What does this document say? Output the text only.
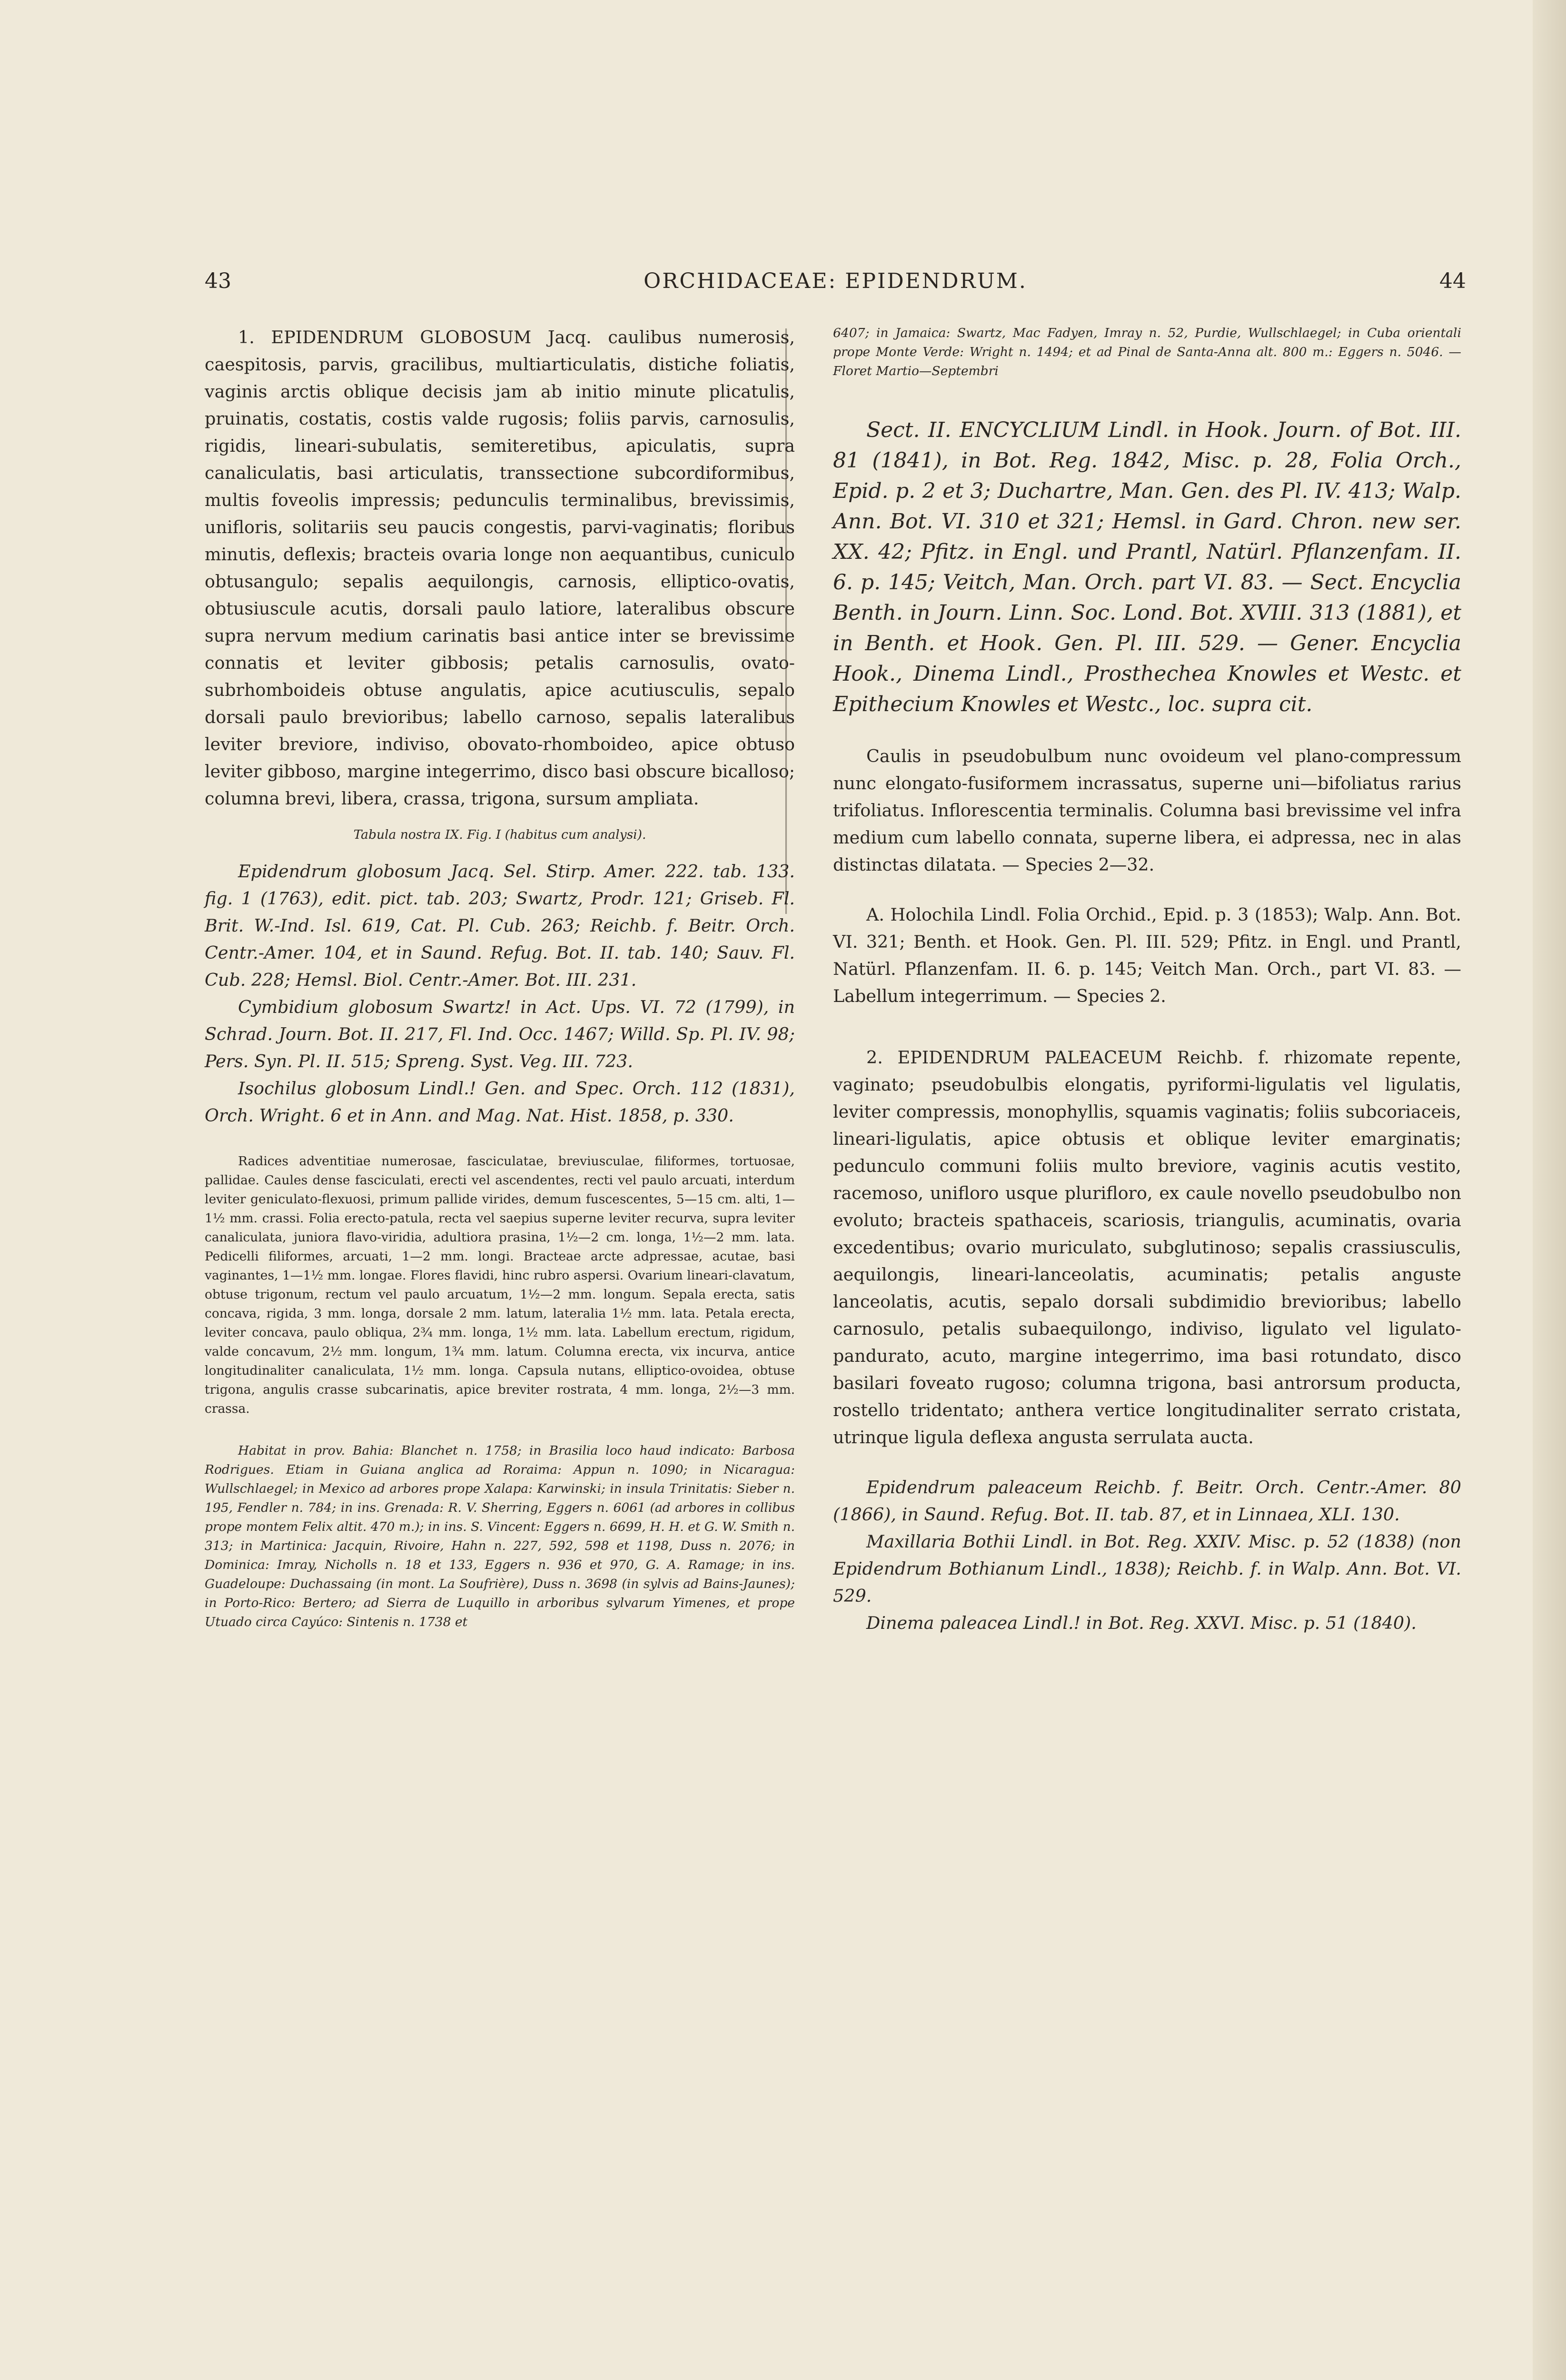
43	ORCHIDACEAE: EPIDENDRUM.	44

1. EPIDENDRUM GLOBOSUM Jacq. caulibus numerosis, caespitosis, parvis, gracilibus, multiarticulatis, distiche foliatis, vaginis arctis oblique decisis jam ab initio minute plicatulis, pruinatis, costatis, costis valde rugosis; foliis parvis, carnosulis, rigidis, lineari-subulatis, semiteretibus, apiculatis, supra canaliculatis, basi articulatis, transsectione subcordiformibus, multis foveolis impressis; pedunculis terminalibus, brevissimis, unifloris, solitariis seu paucis congestis, parvi-vaginatis; floribus minutis, deflexis; bracteis ovaria longe non aequantibus, cuniculo obtusangulo; sepalis aequilongis, carnosis, elliptico-ovatis, obtusiuscule acutis, dorsali paulo latiore, lateralibus obscure supra nervum medium carinatis basi antice inter se brevissime connatis et leviter gibbosis; petalis carnosulis, ovato-subrhomboideis obtuse angulatis, apice acutiusculis, sepalo dorsali paulo brevioribus; labello carnoso, sepalis lateralibus leviter breviore, indiviso, obovato-rhomboideo, apice obtuso leviter gibboso, margine integerrimo, disco basi obscure bicalloso; columna brevi, libera, crassa, trigona, sursum ampliata.

Tabula nostra IX. Fig. I (habitus cum analysi).

Epidendrum globosum Jacq. Sel. Stirp. Amer. 222. tab. 133. fig. 1 (1763), edit. pict. tab. 203; Swartz, Prodr. 121; Griseb. Fl. Brit. W.-Ind. Isl. 619, Cat. Pl. Cub. 263; Reichb. f. Beitr. Orch. Centr.-Amer. 104, et in Saund. Refug. Bot. II. tab. 140; Sauv. Fl. Cub. 228; Hemsl. Biol. Centr.-Amer. Bot. III. 231.

Cymbidium globosum Swartz! in Act. Ups. VI. 72 (1799), in Schrad. Journ. Bot. II. 217, Fl. Ind. Occ. 1467; Willd. Sp. Pl. IV. 98; Pers. Syn. Pl. II. 515; Spreng. Syst. Veg. III. 723.

Isochilus globosum Lindl.! Gen. and Spec. Orch. 112 (1831), Orch. Wright. 6 et in Ann. and Mag. Nat. Hist. 1858, p. 330.

Radices adventitiae numerosae, fasciculatae, breviusculae, filiformes, tortuosae, pallidae. Caules dense fasciculati, erecti vel ascendentes, recti vel paulo arcuati, interdum leviter geniculato-flexuosi, primum pallide virides, demum fuscescentes, 5—15 cm. alti, 1—1½ mm. crassi. Folia erecto-patula, recta vel saepius superne leviter recurva, supra leviter canaliculata, juniora flavo-viridia, adultiora prasina, 1½—2 cm. longa, 1½—2 mm. lata. Pedicelli filiformes, arcuati, 1—2 mm. longi. Bracteae arcte adpressae, acutae, basi vaginantes, 1—1½ mm. longae. Flores flavidi, hinc rubro aspersi. Ovarium lineari-clavatum, obtuse trigonum, rectum vel paulo arcuatum, 1½—2 mm. longum. Sepala erecta, satis concava, rigida, 3 mm. longa, dorsale 2 mm. latum, lateralia 1½ mm. lata. Petala erecta, leviter concava, paulo obliqua, 2¾ mm. longa, 1½ mm. lata. Labellum erectum, rigidum, valde concavum, 2½ mm. longum, 1¾ mm. latum. Columna erecta, vix incurva, antice longitudinaliter canaliculata, 1½ mm. longa. Capsula nutans, elliptico-ovoidea, obtuse trigona, angulis crasse subcarinatis, apice breviter rostrata, 4 mm. longa, 2½—3 mm. crassa.

Habitat in prov. Bahia: Blanchet n. 1758; in Brasilia loco haud indicato: Barbosa Rodrigues. Etiam in Guiana anglica ad Roraima: Appun n. 1090; in Nicaragua: Wullschlaegel; in Mexico ad arbores prope Xalapa: Karwinski; in insula Trinitatis: Sieber n. 195, Fendler n. 784; in ins. Grenada: R. V. Sherring, Eggers n. 6061 (ad arbores in collibus prope montem Felix altit. 470 m.); in ins. S. Vincent: Eggers n. 6699, H. H. et G. W. Smith n. 313; in Martinica: Jacquin, Rivoire, Hahn n. 227, 592, 598 et 1198, Duss n. 2076; in Dominica: Imray, Nicholls n. 18 et 133, Eggers n. 936 et 970, G. A. Ramage; in ins. Guadeloupe: Duchassaing (in mont. La Soufrière), Duss n. 3698 (in sylvis ad Bains-Jaunes); in Porto-Rico: Bertero; ad Sierra de Luquillo in arboribus sylvarum Yimenes, et prope Utuado circa Cayúco: Sintenis n. 1738 et

6407; in Jamaica: Swartz, Mac Fadyen, Imray n. 52, Purdie, Wullschlaegel; in Cuba orientali prope Monte Verde: Wright n. 1494; et ad Pinal de Santa-Anna alt. 800 m.: Eggers n. 5046. — Floret Martio—Septembri

Sect. II. ENCYCLIUM Lindl. in Hook. Journ. of Bot. III. 81 (1841), in Bot. Reg. 1842, Misc. p. 28, Folia Orch., Epid. p. 2 et 3; Duchartre, Man. Gen. des Pl. IV. 413; Walp. Ann. Bot. VI. 310 et 321; Hemsl. in Gard. Chron. new ser. XX. 42; Pfitz. in Engl. und Prantl, Natürl. Pflanzenfam. II. 6. p. 145; Veitch, Man. Orch. part VI. 83. — Sect. Encyclia Benth. in Journ. Linn. Soc. Lond. Bot. XVIII. 313 (1881), et in Benth. et Hook. Gen. Pl. III. 529. — Gener. Encyclia Hook., Dinema Lindl., Prosthechea Knowles et Westc. et Epithecium Knowles et Westc., loc. supra cit.

Caulis in pseudobulbum nunc ovoideum vel plano-compressum nunc elongato-fusiformem incrassatus, superne uni—bifoliatus rarius trifoliatus. Inflorescentia terminalis. Columna basi brevissime vel infra medium cum labello connata, superne libera, ei adpressa, nec in alas distinctas dilatata. — Species 2—32.

A. Holochila Lindl. Folia Orchid., Epid. p. 3 (1853); Walp. Ann. Bot. VI. 321; Benth. et Hook. Gen. Pl. III. 529; Pfitz. in Engl. und Prantl, Natürl. Pflanzenfam. II. 6. p. 145; Veitch Man. Orch., part VI. 83. — Labellum integerrimum. — Species 2.

2. EPIDENDRUM PALEACEUM Reichb. f. rhizomate repente, vaginato; pseudobulbis elongatis, pyriformi-ligulatis vel ligulatis, leviter compressis, monophyllis, squamis vaginatis; foliis subcoriaceis, lineari-ligulatis, apice obtusis et oblique leviter emarginatis; pedunculo communi foliis multo breviore, vaginis acutis vestito, racemoso, unifloro usque plurifloro, ex caule novello pseudobulbo non evoluto; bracteis spathaceis, scariosis, triangulis, acuminatis, ovaria excedentibus; ovario muriculato, subglutinoso; sepalis crassiusculis, aequilongis, lineari-lanceolatis, acuminatis; petalis anguste lanceolatis, acutis, sepalo dorsali subdimidio brevioribus; labello carnosulo, petalis subaequilongo, indiviso, ligulato vel ligulato-pandurato, acuto, margine integerrimo, ima basi rotundato, disco basilari foveato rugoso; columna trigona, basi antrorsum producta, rostello tridentato; anthera vertice longitudinaliter serrato cristata, utrinque ligula deflexa angusta serrulata aucta.

Epidendrum paleaceum Reichb. f. Beitr. Orch. Centr.-Amer. 80 (1866), in Saund. Refug. Bot. II. tab. 87, et in Linnaea, XLI. 130.

Maxillaria Bothii Lindl. in Bot. Reg. XXIV. Misc. p. 52 (1838) (non Epidendrum Bothianum Lindl., 1838); Reichb. f. in Walp. Ann. Bot. VI. 529.

Dinema paleacea Lindl.! in Bot. Reg. XXVI. Misc. p. 51 (1840).
